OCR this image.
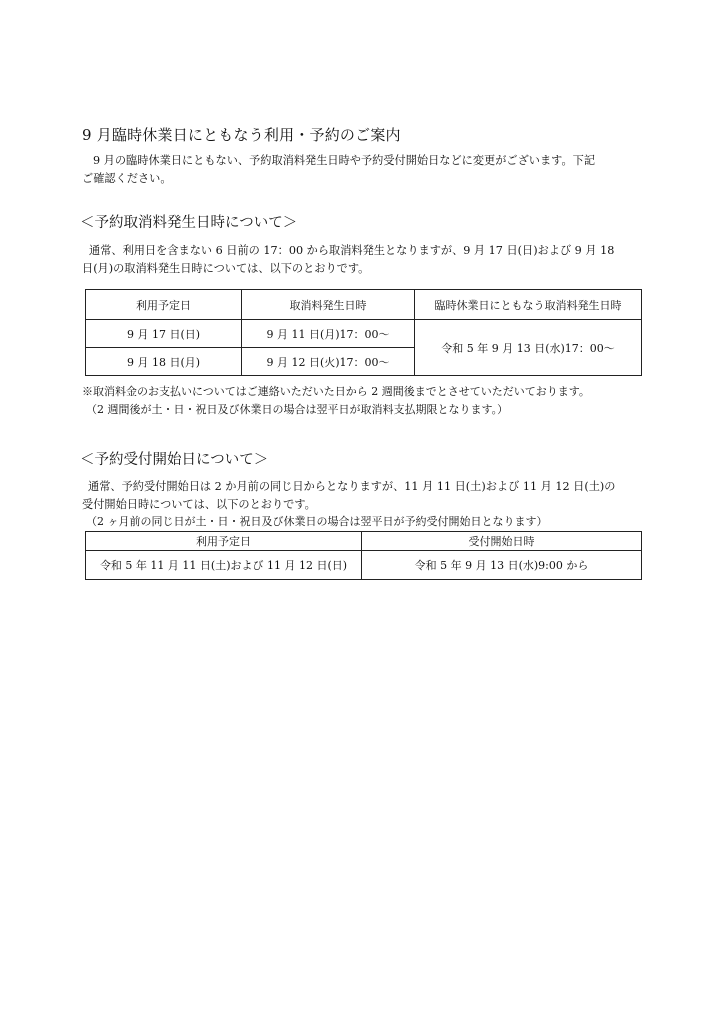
9 月臨時休業日にともなう利用・予約のご案内
9 月の臨時休業日にともない、予約取消料発生日時や予約受付開始日などに変更がございます。下記
ご確認ください。
＜予約取消料発生日時について＞
通常、利用日を含まない 6 日前の 17：00 から取消料発生となりますが、9 月 17 日(日)および 9 月 18
日(月)の取消料発生日時については、以下のとおりです。
利用予定日	取消料発生日時	臨時休業日にともなう取消料発生日時
9 月 17 日(日)	9 月 11 日(月)17：00～	令和 5 年 9 月 13 日(水)17：00～
9 月 18 日(月)	9 月 12 日(火)17：00～	
※取消料金のお支払いについてはご連絡いただいた日から 2 週間後までとさせていただいております。
（2 週間後が土・日・祝日及び休業日の場合は翌平日が取消料支払期限となります。）
＜予約受付開始日について＞
通常、予約受付開始日は 2 か月前の同じ日からとなりますが、11 月 11 日(土)および 11 月 12 日(土)の
受付開始日時については、以下のとおりです。
（2 ヶ月前の同じ日が土・日・祝日及び休業日の場合は翌平日が予約受付開始日となります）
利用予定日	受付開始日時
令和 5 年 11 月 11 日(土)および 11 月 12 日(日)	令和 5 年 9 月 13 日(水)9:00 から
